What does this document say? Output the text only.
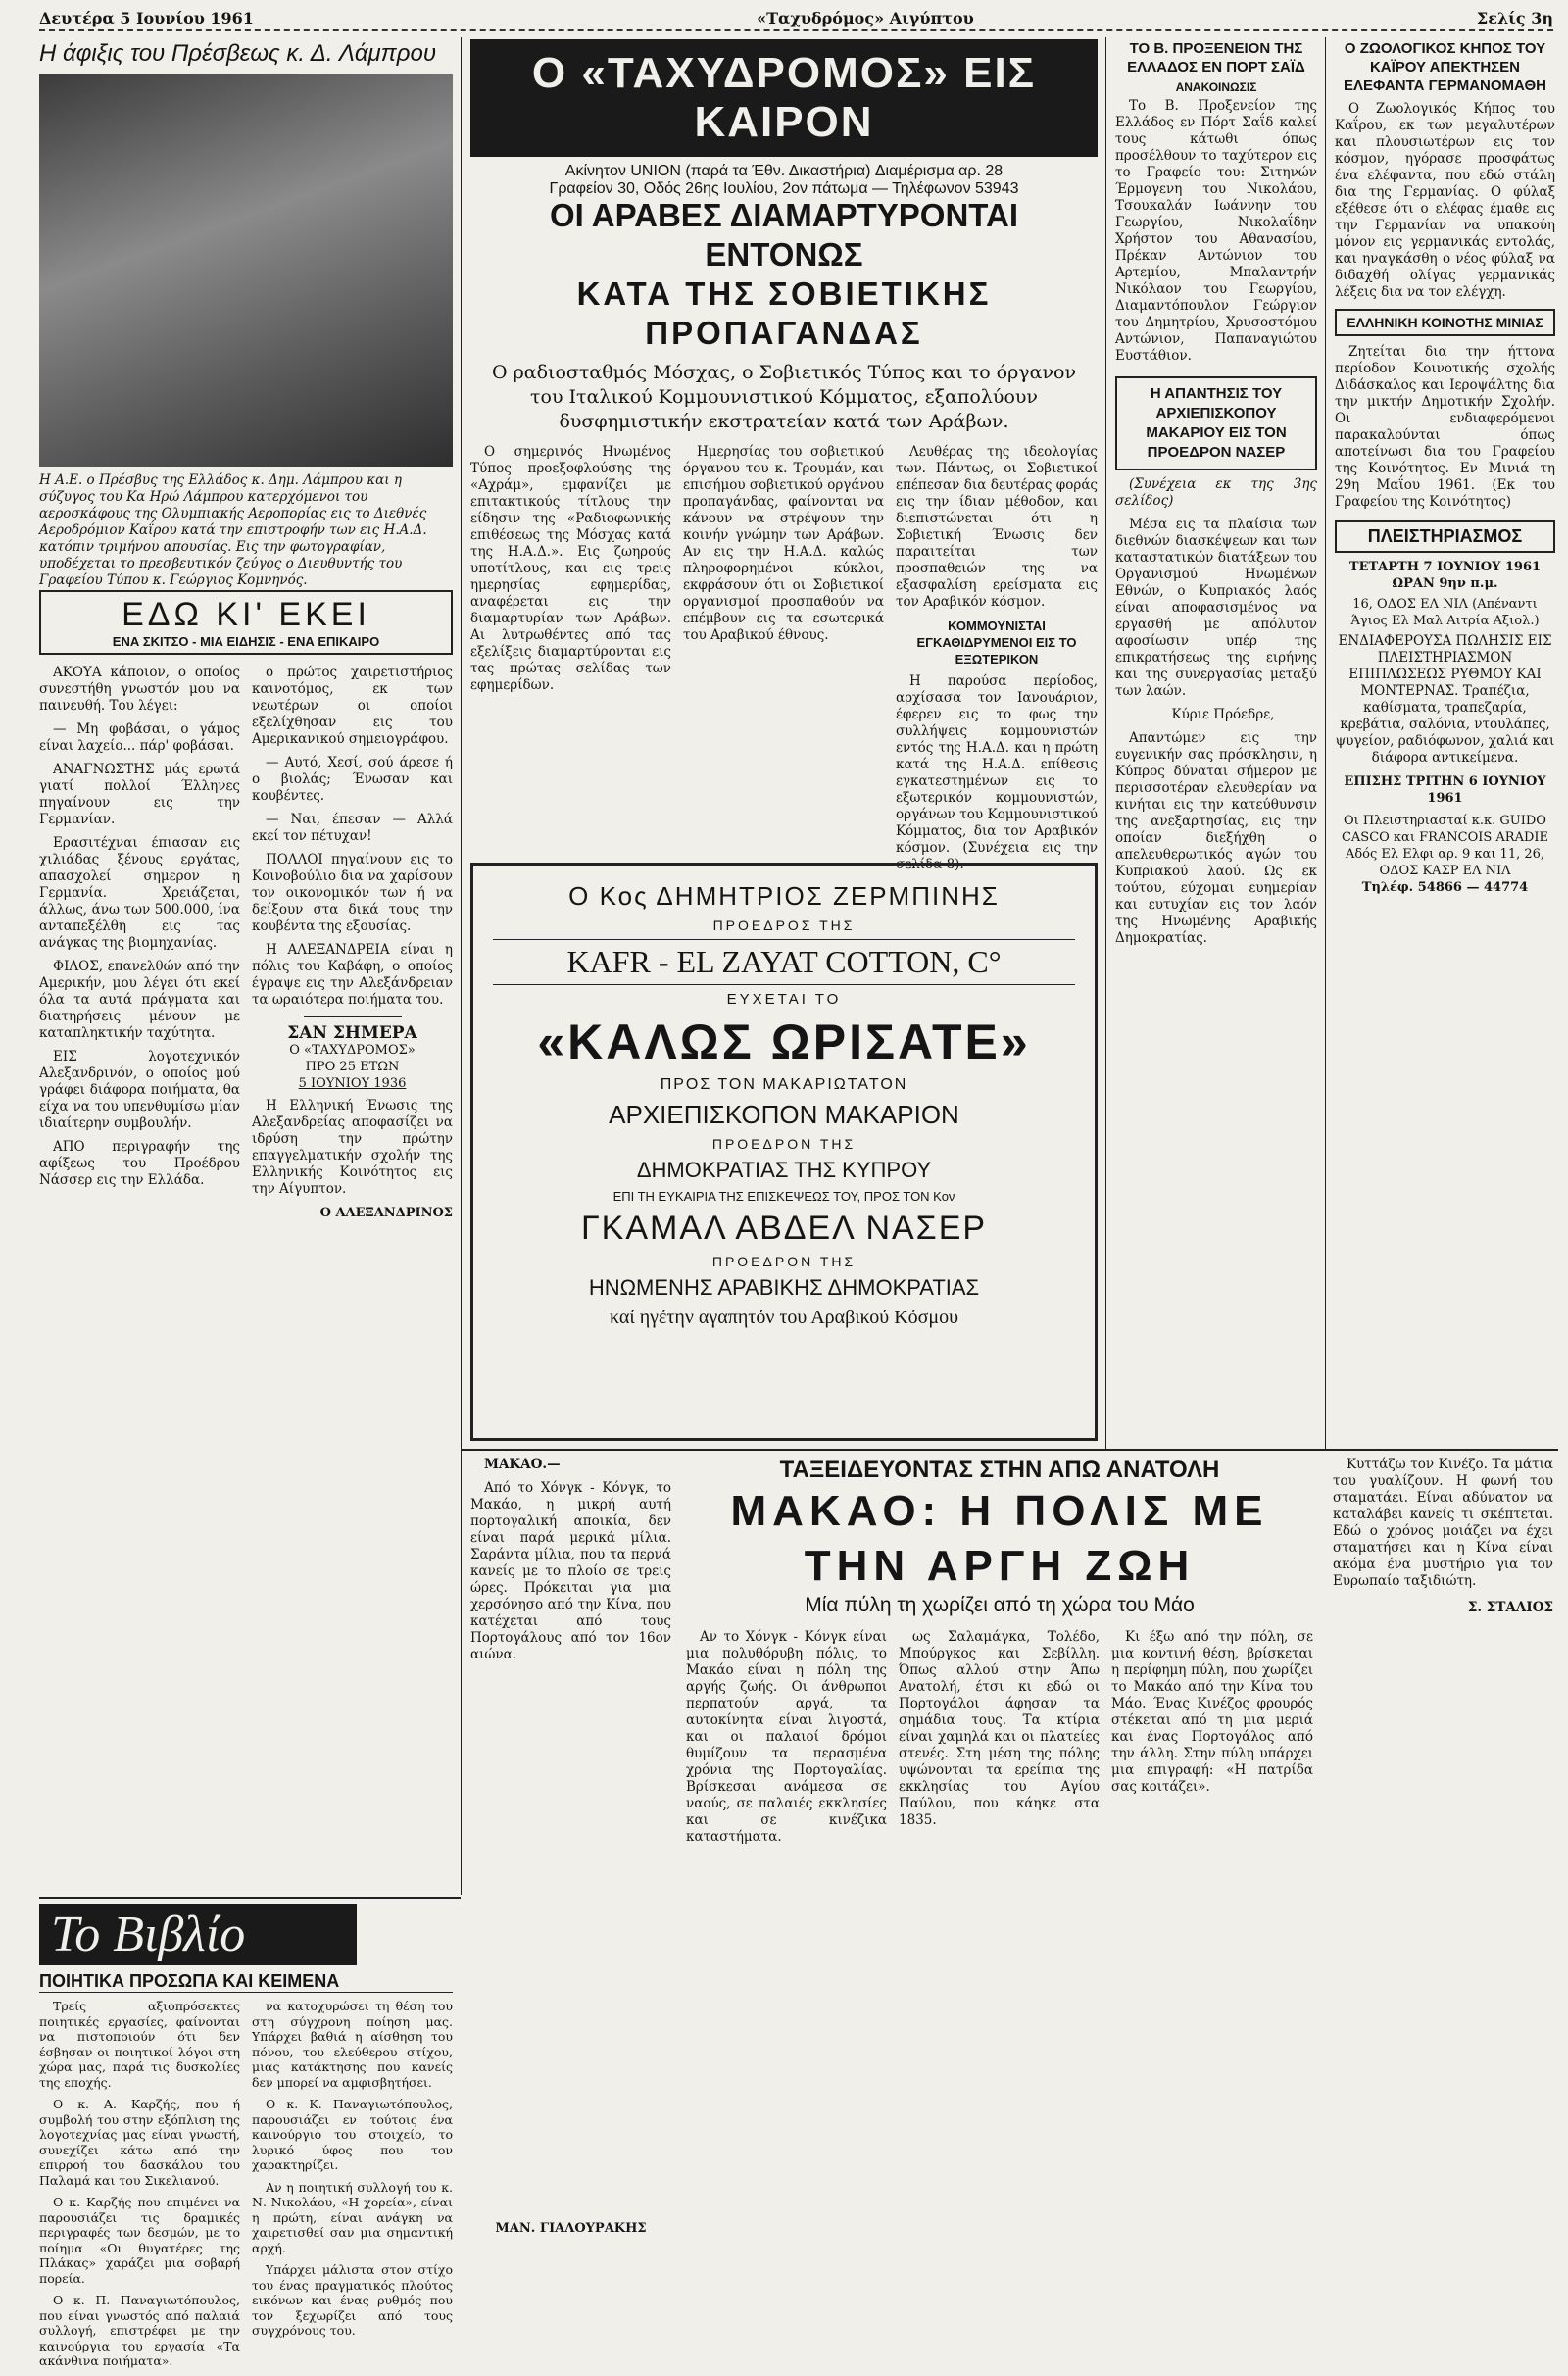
Δευτέρα 5 Ιουνίου 1961	«Ταχυδρόμος» Αιγύπτου	Σελίς 3η
Η άφιξις του Πρέσβεως κ. Δ. Λάμπρου
Η Α.Ε. ο Πρέσβυς της Ελλάδος κ. Δημ. Λάμπρου και η σύζυγος του Κα Ηρώ Λάμπρου κατερχόμενοι του αεροσκάφους της Ολυμπιακής Αεροπορίας εις το Διεθνές Αεροδρόμιον Καΐρου κατά την επιστροφήν των εις Η.Α.Δ. κατόπιν τριμήνου απουσίας. Εις την φωτογραφίαν, υποδέχεται το πρεσβευτικόν ζεύγος ο Διευθυντής του Γραφείου Τύπου κ. Γεώργιος Κομνηνός.
ΕΔΩ ΚΙ' ΕΚΕΙ
ΕΝΑ ΣΚΙΤΣΟ - ΜΙΑ ΕΙΔΗΣΙΣ - ΕΝΑ ΕΠΙΚΑΙΡΟ

ΑΚΟΥΑ κάποιον, ο οποίος συνεστήθη γνωστόν μου να παινευθή. Του λέγει:

— Μη φοβάσαι, ο γάμος είναι λαχείο... πάρ' φοβάσαι.

ΑΝΑΓΝΩΣΤΗΣ μάς ερωτά γιατί πολλοί Έλληνες πηγαίνουν εις την Γερμανίαν.

Ερασιτέχναι έπιασαν εις χιλιάδας ξένους εργάτας, απασχολεί σημερον η Γερμανία. Χρειάζεται, άλλως, άνω των 500.000, ίνα ανταπεξέλθη εις τας ανάγκας της βιομηχανίας.

ΦΙΛΟΣ, επανελθών από την Αμερικήν, μου λέγει ότι εκεί όλα τα αυτά πράγματα και διατηρήσεις μένουν με καταπληκτικήν ταχύτητα.

ΕΙΣ λογοτεχνικόν Αλεξανδρινόν, ο οποίος μού γράφει διάφορα ποιήματα, θα είχα να του υπενθυμίσω μίαν ιδιαίτερην συμβουλήν.

ΑΠΟ περιγραφήν της αφίξεως του Προέδρου Νάσσερ εις την Ελλάδα.

ο πρώτος χαιρετιστήριος καινοτόμος, εκ των νεωτέρων οι οποίοι εξελίχθησαν εις του Αμερικανικού σημειογράφου.

— Αυτό, Χεσί, σού άρεσε ή ο βιολάς; Ένωσαν και κουβέντες.

— Ναι, έπεσαν — Αλλά εκεί τον πέτυχαν!

ΠΟΛΛΟΙ πηγαίνουν εις το Κοινοβούλιο δια να χαρίσουν τον οικονομικόν των ή να δείξουν στα δικά τους την κουβέντα της εξουσίας.

Η ΑΛΕΞΑΝΔΡΕΙΑ είναι η πόλις του Καβάφη, ο οποίος έγραψε εις την Αλεξάνδρειαν τα ωραιότερα ποιήματα του.

ΣΑΝ ΣΗΜΕΡΑ
Ο «ΤΑΧΥΔΡΟΜΟΣ»
ΠΡΟ 25 ΕΤΩΝ
5 ΙΟΥΝΙΟΥ 1936

Η Ελληνική Ένωσις της Αλεξανδρείας αποφασίζει να ιδρύση την πρώτην επαγγελματικήν σχολήν της Ελληνικής Κοινότητος εις την Αίγυπτον.

Ο ΑΛΕΞΑΝΔΡΙΝΟΣ
Ο «ΤΑΧΥΔΡΟΜΟΣ» ΕΙΣ ΚΑΙΡΟΝ
Ακίνητον UNION (παρά τα Έθν. Δικαστήρια) Διαμέρισμα αρ. 28
Γραφείον 30, Οδός 26ης Ιουλίου, 2ον πάτωμα — Τηλέφωνον 53943
ΟΙ ΑΡΑΒΕΣ ΔΙΑΜΑΡΤΥΡΟΝΤΑΙ ΕΝΤΟΝΩΣ
ΚΑΤΑ ΤΗΣ ΣΟΒΙΕΤΙΚΗΣ ΠΡΟΠΑΓΑΝΔΑΣ
Ο ραδιοσταθμός Μόσχας, ο Σοβιετικός Τύπος και το όργανον του Ιταλικού Κομμουνιστικού Κόμματος, εξαπολύουν δυσφημιστικήν εκστρατείαν κατά των Αράβων.

Ο σημερινός Ηνωμένος Τύπος προεξοφλούσης της «Αχράμ», εμφανίζει με επιτακτικούς τίτλους την είδησιν της «Ραδιοφωνικής επιθέσεως της Μόσχας κατά της Η.Α.Δ.». Εις ζωηρούς υποτίτλους, και εις τρεις ημερησίας εφημερίδας, αναφέρεται εις την διαμαρτυρίαν των Αράβων. Αι λυτρωθέντες από τας εξελίξεις διαμαρτύρονται εις τας πρώτας σελίδας των εφημερίδων.

Ημερησίας του σοβιετικού όργανου του κ. Τρουμάν, και επισήμου σοβιετικού οργάνου προπαγάνδας, φαίνονται να κάνουν να στρέψουν την κοινήν γνώμην των Αράβων. Αν εις την Η.Α.Δ. καλώς πληροφορημένοι κύκλοι, εκφράσουν ότι οι Σοβιετικοί οργανισμοί προσπαθούν να επέμβουν εις τα εσωτερικά του Αραβικού έθνους.

Λευθέρας της ιδεολογίας των. Πάντως, οι Σοβιετικοί επέπεσαν δια δευτέρας φοράς εις την ίδιαν μέθοδον, και διεπιστώνεται ότι η Σοβιετική Ένωσις δεν παραιτείται των προσπαθειών της να εξασφαλίση ερείσματα εις τον Αραβικόν κόσμον.

ΚΟΜΜΟΥΝΙΣΤΑΙ ΕΓΚΑΘΙΔΡΥΜΕΝΟΙ ΕΙΣ ΤΟ ΕΞΩΤΕΡΙΚΟΝ

Η παρούσα περίοδος, αρχίσασα τον Ιανουάριον, έφερεν εις το φως την συλλήψεις κομμουνιστών εντός της Η.Α.Δ. και η πρώτη κατά της Η.Α.Δ. επίθεσις εγκατεστημένων εις το εξωτερικόν κομμουνιστών, οργάνων του Κομμουνιστικού Κόμματος, δια τον Αραβικόν κόσμον. (Συνέχεια εις την σελίδα 8).

Ο Κος ΔΗΜΗΤΡΙΟΣ ΖΕΡΜΠΙΝΗΣ
ΠΡΟΕΔΡΟΣ ΤΗΣ
KAFR - EL ZAYAT COTTON, C°
ΕΥΧΕΤΑΙ ΤΟ
«ΚΑΛΩΣ ΩΡΙΣΑΤΕ»
ΠΡΟΣ ΤΟΝ ΜΑΚΑΡΙΩΤΑΤΟΝ
ΑΡΧΙΕΠΙΣΚΟΠΟΝ ΜΑΚΑΡΙΟΝ
ΠΡΟΕΔΡΟΝ ΤΗΣ
ΔΗΜΟΚΡΑΤΙΑΣ ΤΗΣ ΚΥΠΡΟΥ
ΕΠΙ ΤΗ ΕΥΚΑΙΡΙΑ ΤΗΣ ΕΠΙΣΚΕΨΕΩΣ ΤΟΥ, ΠΡΟΣ ΤΟΝ Κον
ΓΚΑΜΑΛ ΑΒΔΕΛ ΝΑΣΕΡ
ΠΡΟΕΔΡΟΝ ΤΗΣ
ΗΝΩΜΕΝΗΣ ΑΡΑΒΙΚΗΣ ΔΗΜΟΚΡΑΤΙΑΣ
καί ηγέτην αγαπητόν του Αραβικού Κόσμου
ΤΟ Β. ΠΡΟΞΕΝΕΙΟΝ ΤΗΣ ΕΛΛΑΔΟΣ ΕΝ ΠΟΡΤ ΣΑΪΔ
ΑΝΑΚΟΙΝΩΣΙΣ

Το Β. Προξενείον της Ελλάδος εν Πόρτ Σαΐδ καλεί τους κάτωθι όπως προσέλθουν το ταχύτερον εις το Γραφείο του: Σιτηνών Έρμογενη του Νικολάου, Τσουκαλάν Ιωάννην του Γεωργίου, Νικολαΐδην Χρήστον του Αθανασίου, Πρέκαν Αντώνιον του Αρτεμίου, Μπαλαντρήν Νικόλαον του Γεωργίου, Διαμαντόπουλον Γεώργιον του Δημητρίου, Χρυσοστόμου Αντώνιον, Παπαναγιώτου Ευστάθιον.

Η ΑΠΑΝΤΗΣΙΣ ΤΟΥ ΑΡΧΙΕΠΙΣΚΟΠΟΥ ΜΑΚΑΡΙΟΥ ΕΙΣ ΤΟΝ ΠΡΟΕΔΡΟΝ ΝΑΣΕΡ

(Συνέχεια εκ της 3ης σελίδος)

Μέσα εις τα πλαίσια των διεθνών διασκέψεων και των καταστατικών διατάξεων του Οργανισμού Ηνωμένων Εθνών, ο Κυπριακός λαός είναι αποφασισμένος να εργασθή με απόλυτον αφοσίωσιν υπέρ της επικρατήσεως της ειρήνης και της συνεργασίας μεταξύ των λαών.

Κύριε Πρόεδρε,

Απαντώμεν εις την ευγενικήν σας πρόσκλησιν, η Κύπρος δύναται σήμερον με περισσοτέραν ελευθερίαν να κινήται εις την κατεύθυνσιν της ανεξαρτησίας, εις την οποίαν διεξήχθη ο απελευθερωτικός αγών του Κυπριακού λαού. Ως εκ τούτου, εύχομαι ευημερίαν και ευτυχίαν εις τον λαόν της Ηνωμένης Αραβικής Δημοκρατίας.

Ο ΖΩΟΛΟΓΙΚΟΣ ΚΗΠΟΣ ΤΟΥ ΚΑΪΡΟΥ ΑΠΕΚΤΗΣΕΝ ΕΛΕΦΑΝΤΑ ΓΕΡΜΑΝΟΜΑΘΗ

Ο Ζωολογικός Κήπος του Καΐρου, εκ των μεγαλυτέρων και πλουσιωτέρων εις τον κόσμον, ηγόρασε προσφάτως ένα ελέφαντα, που εδώ στάλη δια της Γερμανίας. Ο φύλαξ εξέθεσε ότι ο ελέφας έμαθε εις την Γερμανίαν να υπακούη μόνον εις γερμανικάς εντολάς, και ηναγκάσθη ο νέος φύλαξ να διδαχθή ολίγας γερμανικάς λέξεις δια να τον ελέγχη.

ΕΛΛΗΝΙΚΗ ΚΟΙΝΟΤΗΣ ΜΙΝΙΑΣ

Ζητείται δια την ήττονα περίοδον Κοινοτικής σχολής Διδάσκαλος και Ιεροψάλτης δια την μικτήν Δημοτικήν Σχολήν. Οι ενδιαφερόμενοι παρακαλούνται όπως αποτείνωσι δια του Γραφείου της Κοινότητος. Εν Μινιά τη 29η Μαΐου 1961. (Εκ του Γραφείου της Κοινότητος)

ΠΛΕΙΣΤΗΡΙΑΣΜΟΣ
ΤΕΤΑΡΤΗ 7 ΙΟΥΝΙΟΥ 1961 ΩΡΑΝ 9ην π.μ.
16, ΟΔΟΣ ΕΛ ΝΙΛ (Απέναντι Άγιος Ελ Μαλ Αιτρία Αξιολ.)

ΕΝΔΙΑΦΕΡΟΥΣΑ ΠΩΛΗΣΙΣ ΕΙΣ ΠΛΕΙΣΤΗΡΙΑΣΜΟΝ ΕΠΙΠΛΩΣΕΩΣ ΡΥΘΜΟΥ ΚΑΙ ΜΟΝΤΕΡΝΑΣ. Τραπέζια, καθίσματα, τραπεζαρία, κρεβάτια, σαλόνια, ντουλάπες, ψυγείον, ραδιόφωνον, χαλιά και διάφορα αντικείμενα.

ΕΠΙΣΗΣ ΤΡΙΤΗΝ 6 ΙΟΥΝΙΟΥ 1961
Οι Πλειστηριασταί κ.κ. GUIDO CASCO και FRANCOIS ARADIE
Αδός Ελ Ελφι αρ. 9 και 11, 26, ΟΔΟΣ ΚΑΣΡ ΕΛ ΝΙΛ
Τηλέφ. 54866 — 44774
Το Βιβλίο
ΠΟΙΗΤΙΚΑ ΠΡΟΣΩΠΑ ΚΑΙ ΚΕΙΜΕΝΑ

Τρείς αξιοπρόσεκτες ποιητικές εργασίες, φαίνονται να πιστοποιούν ότι δεν έσβησαν οι ποιητικοί λόγοι στη χώρα μας, παρά τις δυσκολίες της εποχής.

Ο κ. Α. Καρζής, που ή συμβολή του στην εξόπλιση της λογοτεχνίας μας είναι γνωστή, συνεχίζει κάτω από την επιρροή του δασκάλου του Παλαμά και του Σικελιανού.

Ο κ. Καρζής που επιμένει να παρουσιάζει τις δραμικές περιγραφές των δεσμών, με το ποίημα «Οι θυγατέρες της Πλάκας» χαράζει μια σοβαρή πορεία.

Ο κ. Π. Παναγιωτόπουλος, που είναι γνωστός από παλαιά συλλογή, επιστρέφει με την καινούργια του εργασία «Τα ακάνθινα ποιήματα».

να κατοχυρώσει τη θέση του στη σύγχρονη ποίηση μας. Υπάρχει βαθιά η αίσθηση του πόνου, του ελεύθερου στίχου, μιας κατάκτησης που κανείς δεν μπορεί να αμφισβητήσει.

Ο κ. Κ. Παναγιωτόπουλος, παρουσιάζει εν τούτοις ένα καινούργιο του στοιχείο, το λυρικό ύφος που τον χαρακτηρίζει.

Αν η ποιητική συλλογή του κ. Ν. Νικολάου, «Η χορεία», είναι η πρώτη, είναι ανάγκη να χαιρετισθεί σαν μια σημαντική αρχή.

Υπάρχει μάλιστα στον στίχο του ένας πραγματικός πλούτος εικόνων και ένας ρυθμός που τον ξεχωρίζει από τους συγχρόνους του.

ΜΑΚΑΟ.—

Από το Χόνγκ - Κόνγκ, το Μακάο, η μικρή αυτή πορτογαλική αποικία, δεν είναι παρά μερικά μίλια. Σαράντα μίλια, που τα περνά κανείς με το πλοίο σε τρεις ώρες. Πρόκειται για μια χερσόνησο από την Κίνα, που κατέχεται από τους Πορτογάλους από τον 16ον αιώνα.

ΤΑΞΕΙΔΕΥΟΝΤΑΣ ΣΤΗΝ ΑΠΩ ΑΝΑΤΟΛΗ
ΜΑΚΑΟ: Η ΠΟΛΙΣ ΜΕ ΤΗΝ ΑΡΓΗ ΖΩΗ
Μία πύλη τη χωρίζει από τη χώρα του Μάο

Αν το Χόνγκ - Κόνγκ είναι μια πολυθόρυβη πόλις, το Μακάο είναι η πόλη της αργής ζωής. Οι άνθρωποι περπατούν αργά, τα αυτοκίνητα είναι λιγοστά, και οι παλαιοί δρόμοι θυμίζουν τα περασμένα χρόνια της Πορτογαλίας. Βρίσκεσαι ανάμεσα σε ναούς, σε παλαιές εκκλησίες και σε κινέζικα καταστήματα.

ως Σαλαμάγκα, Τολέδο, Μπούργκος και Σεβίλλη. Όπως αλλού στην Άπω Ανατολή, έτσι κι εδώ οι Πορτογάλοι άφησαν τα σημάδια τους. Τα κτίρια είναι χαμηλά και οι πλατείες στενές. Στη μέση της πόλης υψώνονται τα ερείπια της εκκλησίας του Αγίου Παύλου, που κάηκε στα 1835.

Κι έξω από την πόλη, σε μια κοντινή θέση, βρίσκεται η περίφημη πύλη, που χωρίζει το Μακάο από την Κίνα του Μάο. Ένας Κινέζος φρουρός στέκεται από τη μια μεριά και ένας Πορτογάλος από την άλλη. Στην πύλη υπάρχει μια επιγραφή: «Η πατρίδα σας κοιτάζει».

Κυττάζω τον Κινέζο. Τα μάτια του γυαλίζουν. Η φωνή του σταματάει. Είναι αδύνατον να καταλάβει κανείς τι σκέπτεται. Εδώ ο χρόνος μοιάζει να έχει σταματήσει και η Κίνα είναι ακόμα ένα μυστήριο για τον Ευρωπαίο ταξιδιώτη.

Σ. ΣΤΑΛΙΟΣ
ΜΑΝ. ΓΙΑΛΟΥΡΑΚΗΣ
